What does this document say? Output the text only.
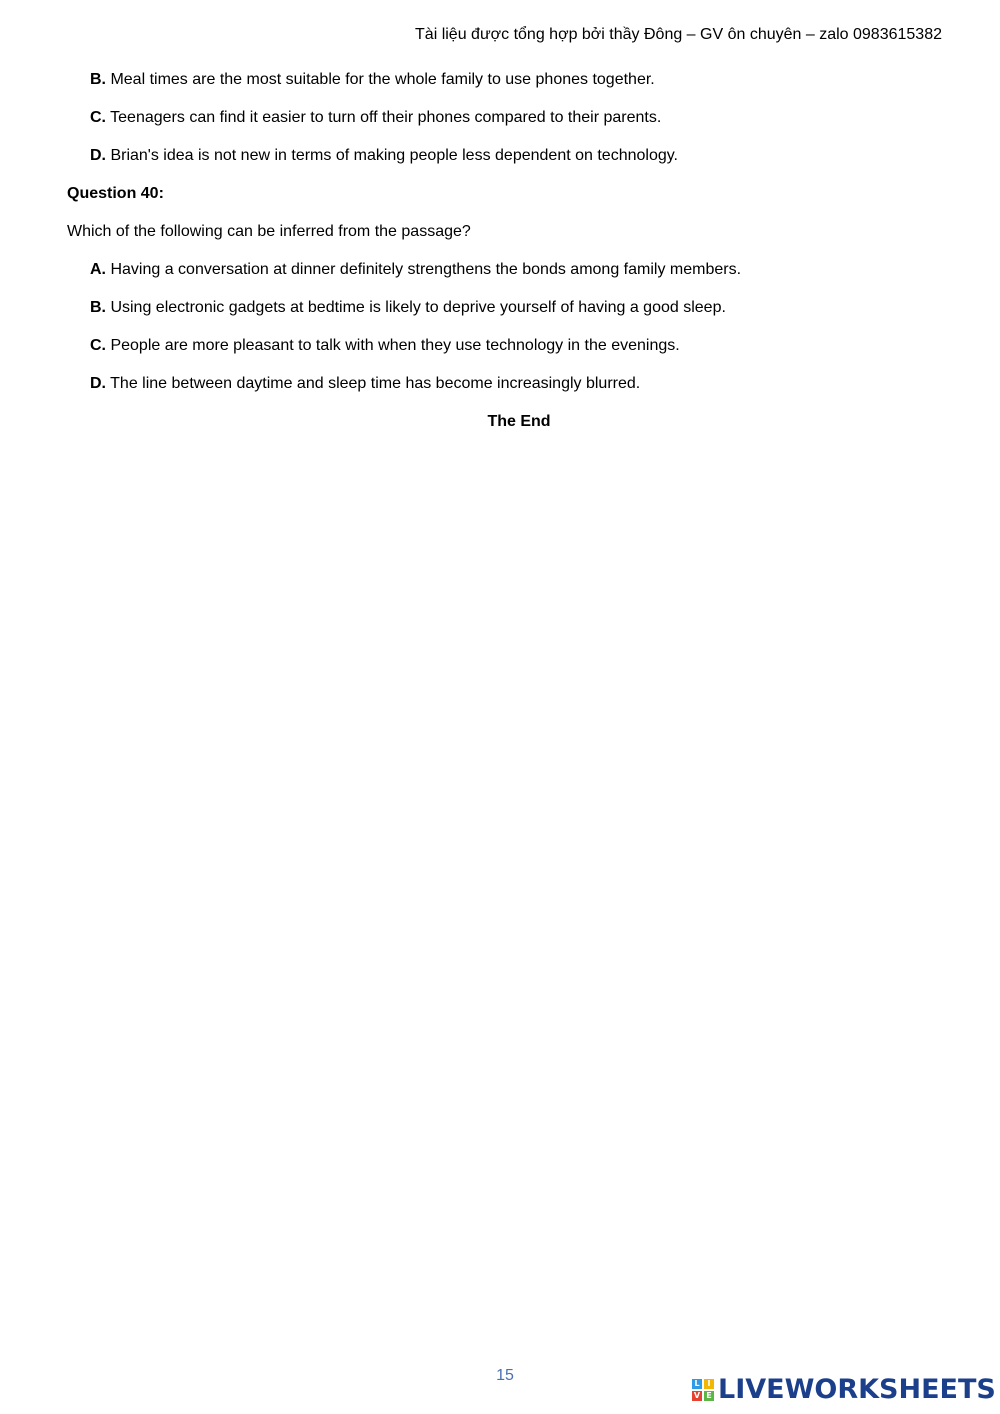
Tài liệu được tổng hợp bởi thầy Đông – GV ôn chuyên – zalo 0983615382
B. Meal times are the most suitable for the whole family to use phones together.
C. Teenagers can find it easier to turn off their phones compared to their parents.
D. Brian's idea is not new in terms of making people less dependent on technology.
Question 40:
Which of the following can be inferred from the passage?
A. Having a conversation at dinner definitely strengthens the bonds among family members.
B. Using electronic gadgets at bedtime is likely to deprive yourself of having a good sleep.
C. People are more pleasant to talk with when they use technology in the evenings.
D. The line between daytime and sleep time has become increasingly blurred.
The End
15	L I
V E LIVEWORKSHEETS
